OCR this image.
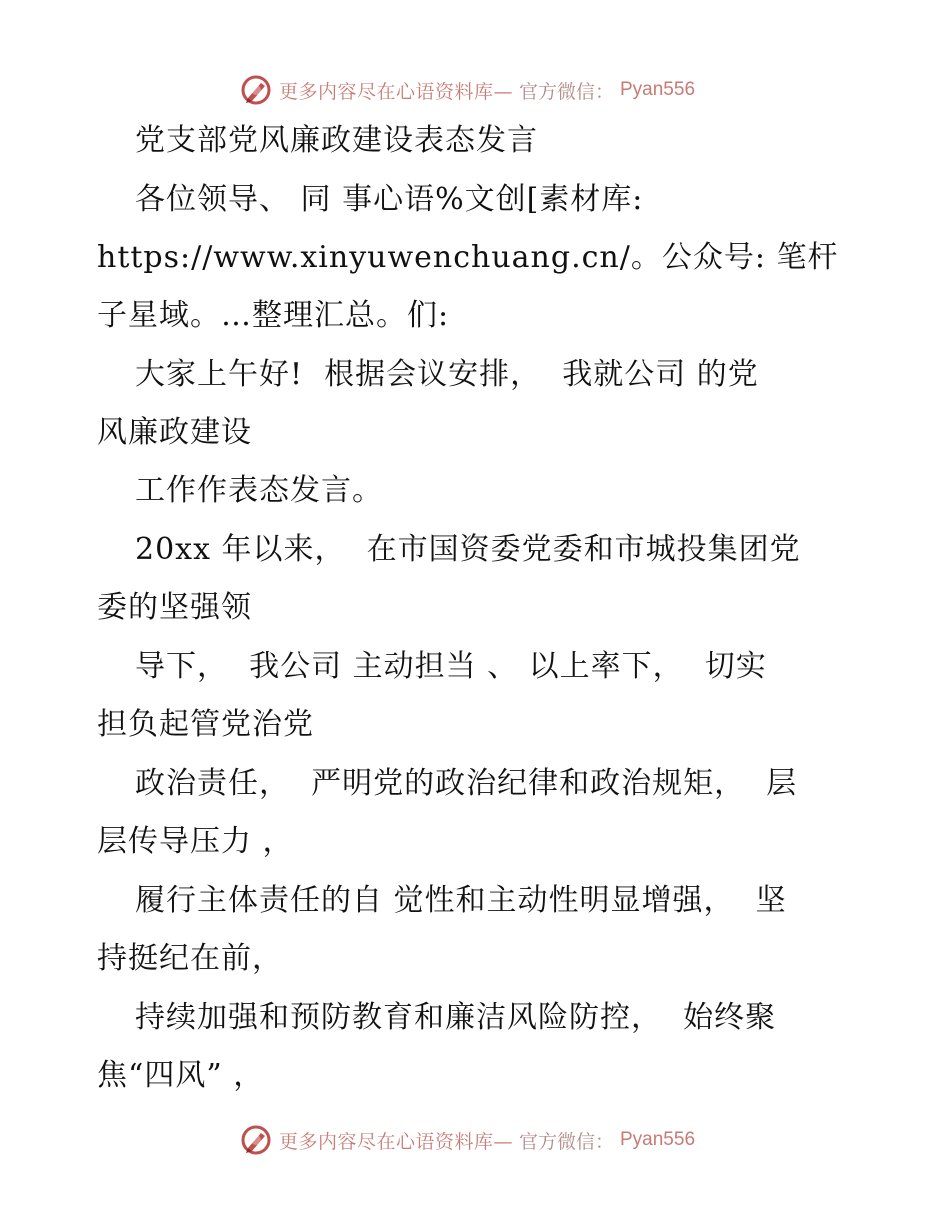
更多内容尽在心语资料库— 官方微信： Pyan556
党支部党风廉政建设表态发言
各位领导、 同 事心语%文创[素材库:
https://www.xinyuwenchuang.cn/。公众号: 笔杆
子星域。…整理汇总。们:
大家上午好!  根据会议安排，  我就公司 的党
风廉政建设
工作作表态发言。
20xx 年以来，  在市国资委党委和市城投集团党
委的坚强领
导下，  我公司 主动担当 、 以上率下，  切实
担负起管党治党
政治责任，  严明党的政治纪律和政治规矩，  层
层传导压力 ，
履行主体责任的自 觉性和主动性明显增强，  坚
持挺纪在前，
持续加强和预防教育和廉洁风险防控，  始终聚
焦“四风” ，
更多内容尽在心语资料库— 官方微信： Pyan556
